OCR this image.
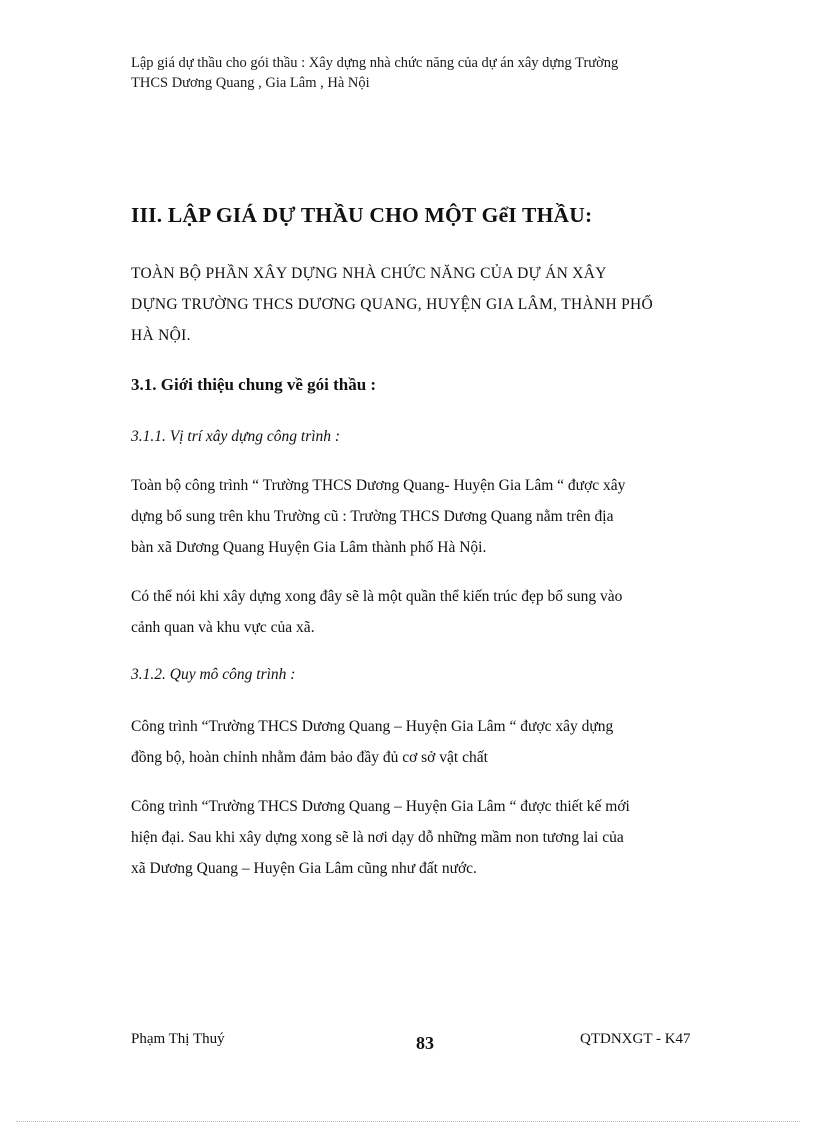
Lập giá dự thầu cho gói thầu : Xây dựng nhà chức năng của dự án xây dựng Trường
THCS Dương Quang , Gia Lâm , Hà Nội
III. LẬP GIÁ DỰ THẦU CHO MỘT GểI THẦU:
TOÀN BỘ PHẦN XÂY DỰNG NHÀ CHỨC NĂNG CỦA DỰ ÁN XÂY
DỰNG TRƯỜNG THCS DƯƠNG QUANG, HUYỆN GIA LÂM, THÀNH PHỐ
HÀ NỘI.
3.1. Giới thiệu chung về gói thầu :
3.1.1. Vị trí xây dựng công trình :
Toàn bộ công trình “ Trường THCS Dương Quang- Huyện Gia Lâm “ được xây
dựng bổ sung trên khu Trường cũ : Trường THCS Dương Quang nằm trên địa
bàn xã Dương Quang Huyện Gia Lâm thành phố Hà Nội.
Có thể nói khi xây dựng xong đây sẽ là một quần thể kiến trúc đẹp bổ sung vào
cảnh quan và khu vực của xã.
3.1.2. Quy mô công trình :
Công trình “Trường THCS Dương Quang – Huyện Gia Lâm “ được xây dựng
đồng bộ, hoàn chỉnh nhằm đảm bảo đầy đủ cơ sở vật chất
Công trình “Trường THCS Dương Quang – Huyện Gia Lâm “ được thiết kế mới
hiện đại. Sau khi xây dựng xong sẽ là nơi dạy dỗ những mầm non tương lai của
xã Dương Quang – Huyện Gia Lâm cũng như đất nước.
Phạm Thị Thuý	83	QTDNXGT - K47
